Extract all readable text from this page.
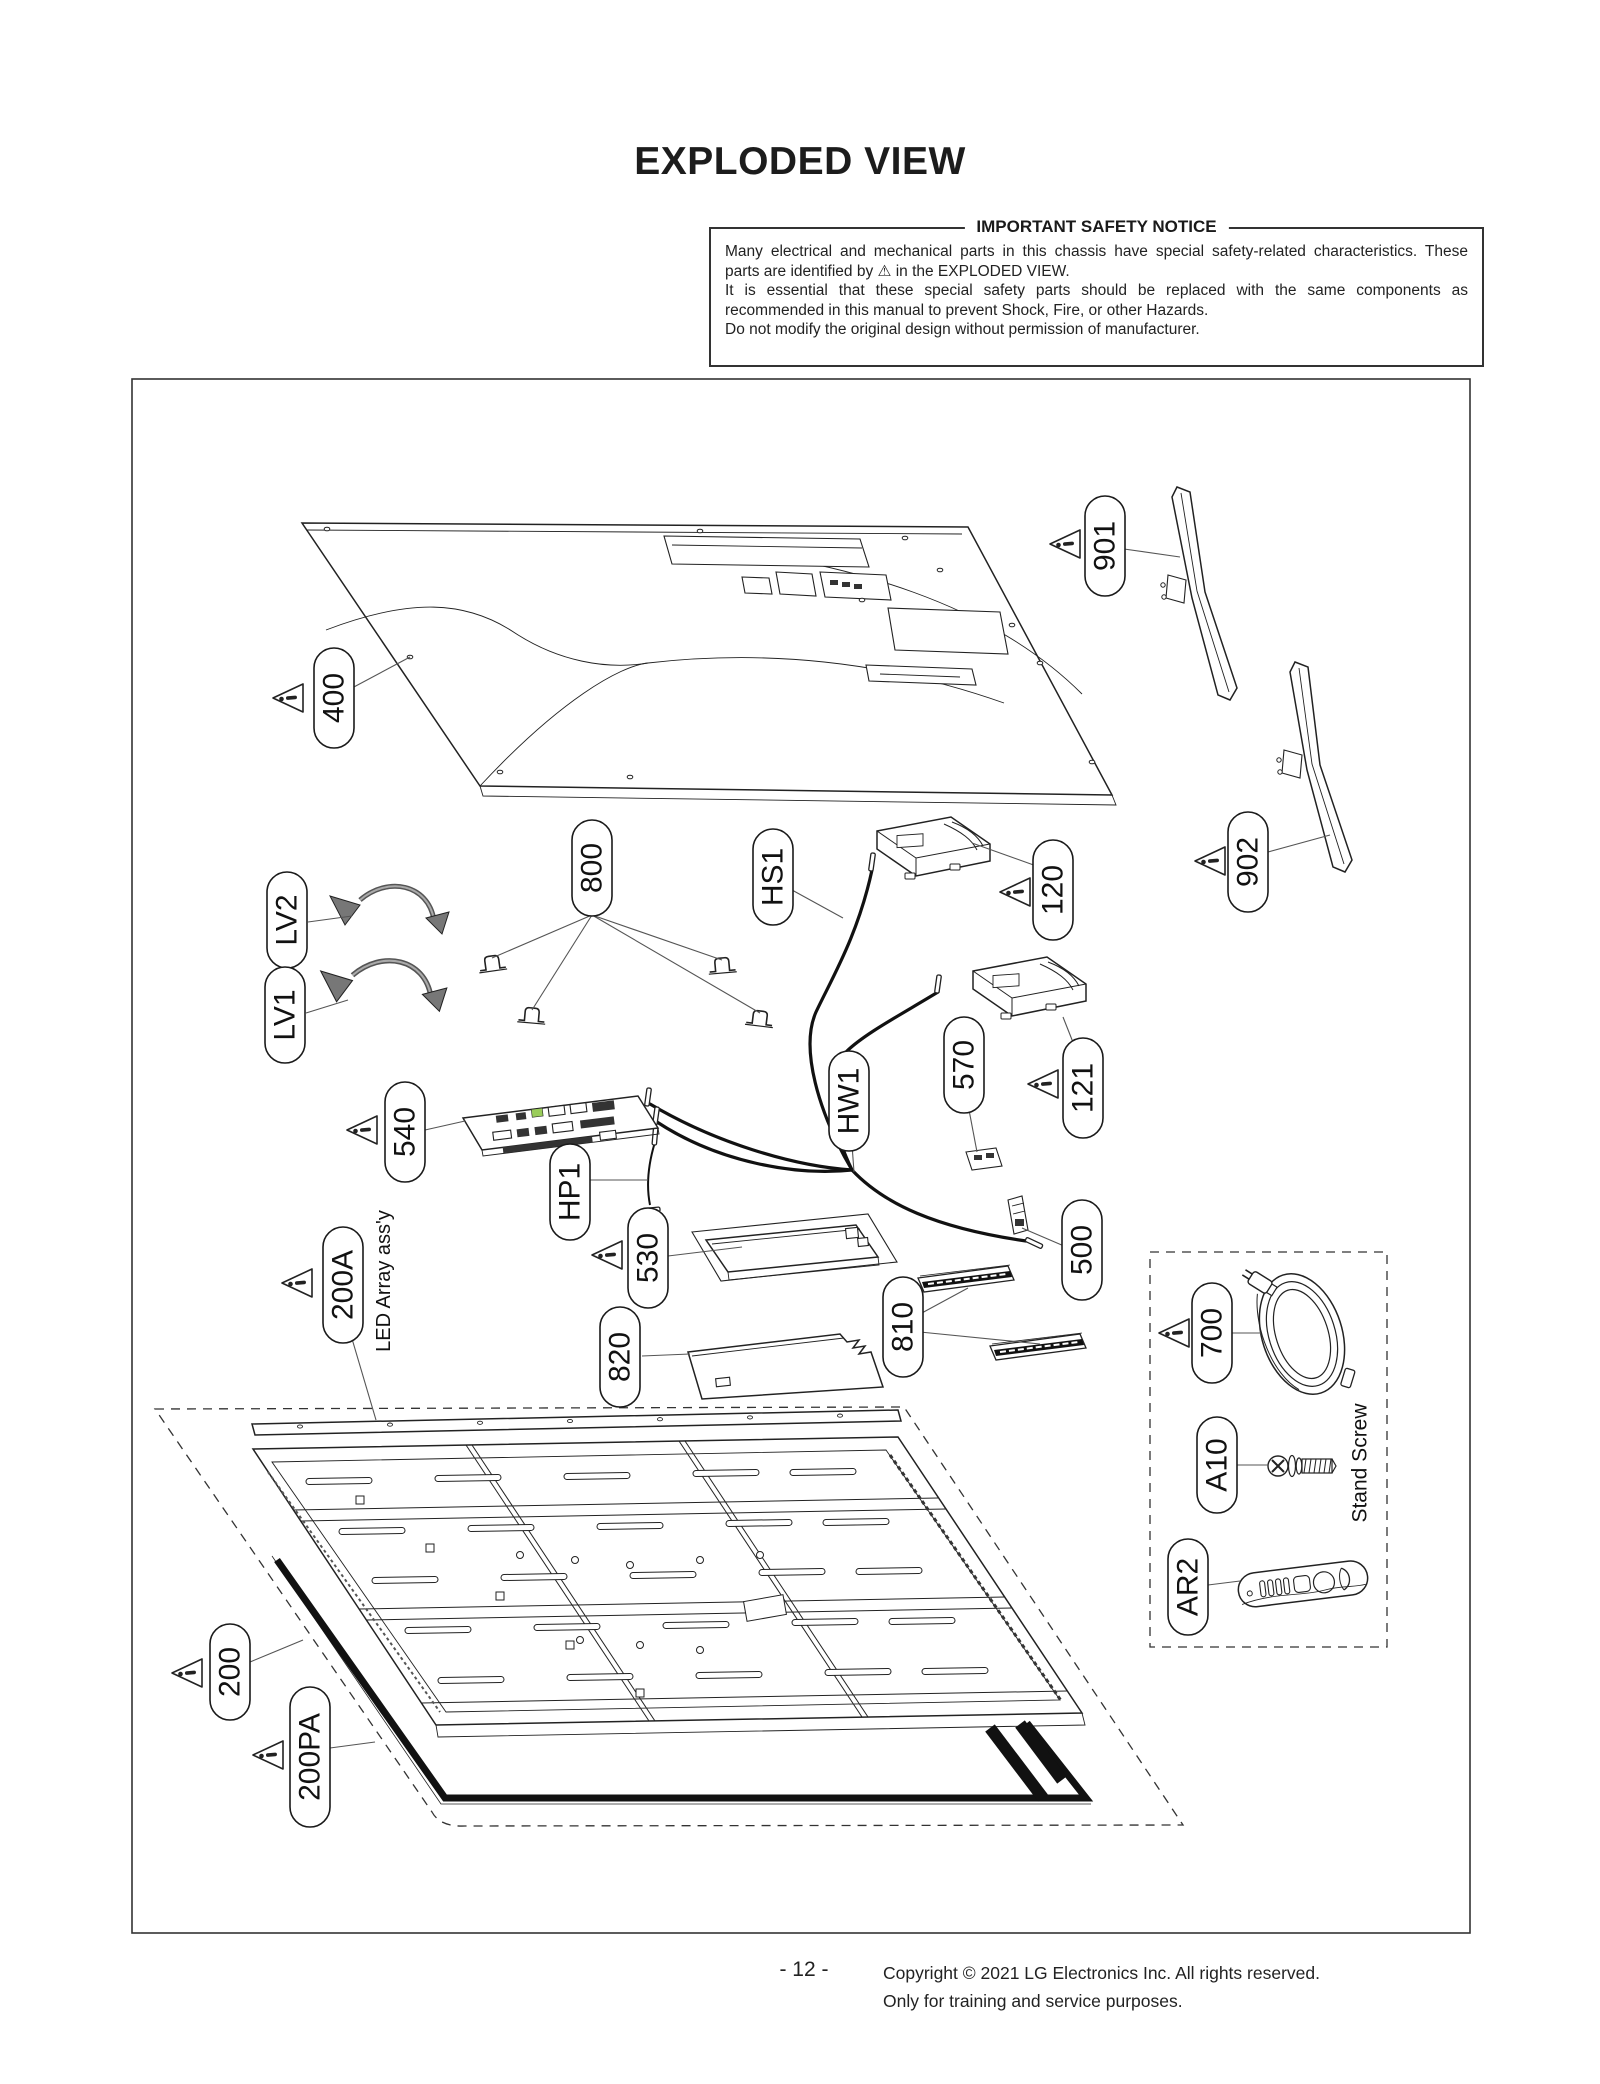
EXPLODED VIEW
IMPORTANT SAFETY NOTICE
Many electrical and mechanical parts in this chassis have special safety-related characteristics. These
parts are identified by ⚠ in the EXPLODED VIEW.
It is essential that these special safety parts should be replaced with the same components as
recommended in this manual to prevent Shock, Fire, or other Hazards.
Do not modify the original design without permission of manufacturer.
Stand Screw
400
901
902
800
LV2
LV1
HS1	120
121
570
HW1
540
HP1
200A	530
820
810
500
200
200PA
700
A10
AR2
LED Array ass'y
- 12 -	Copyright © 2021 LG Electronics Inc. All rights reserved.
Only for training and service purposes.
